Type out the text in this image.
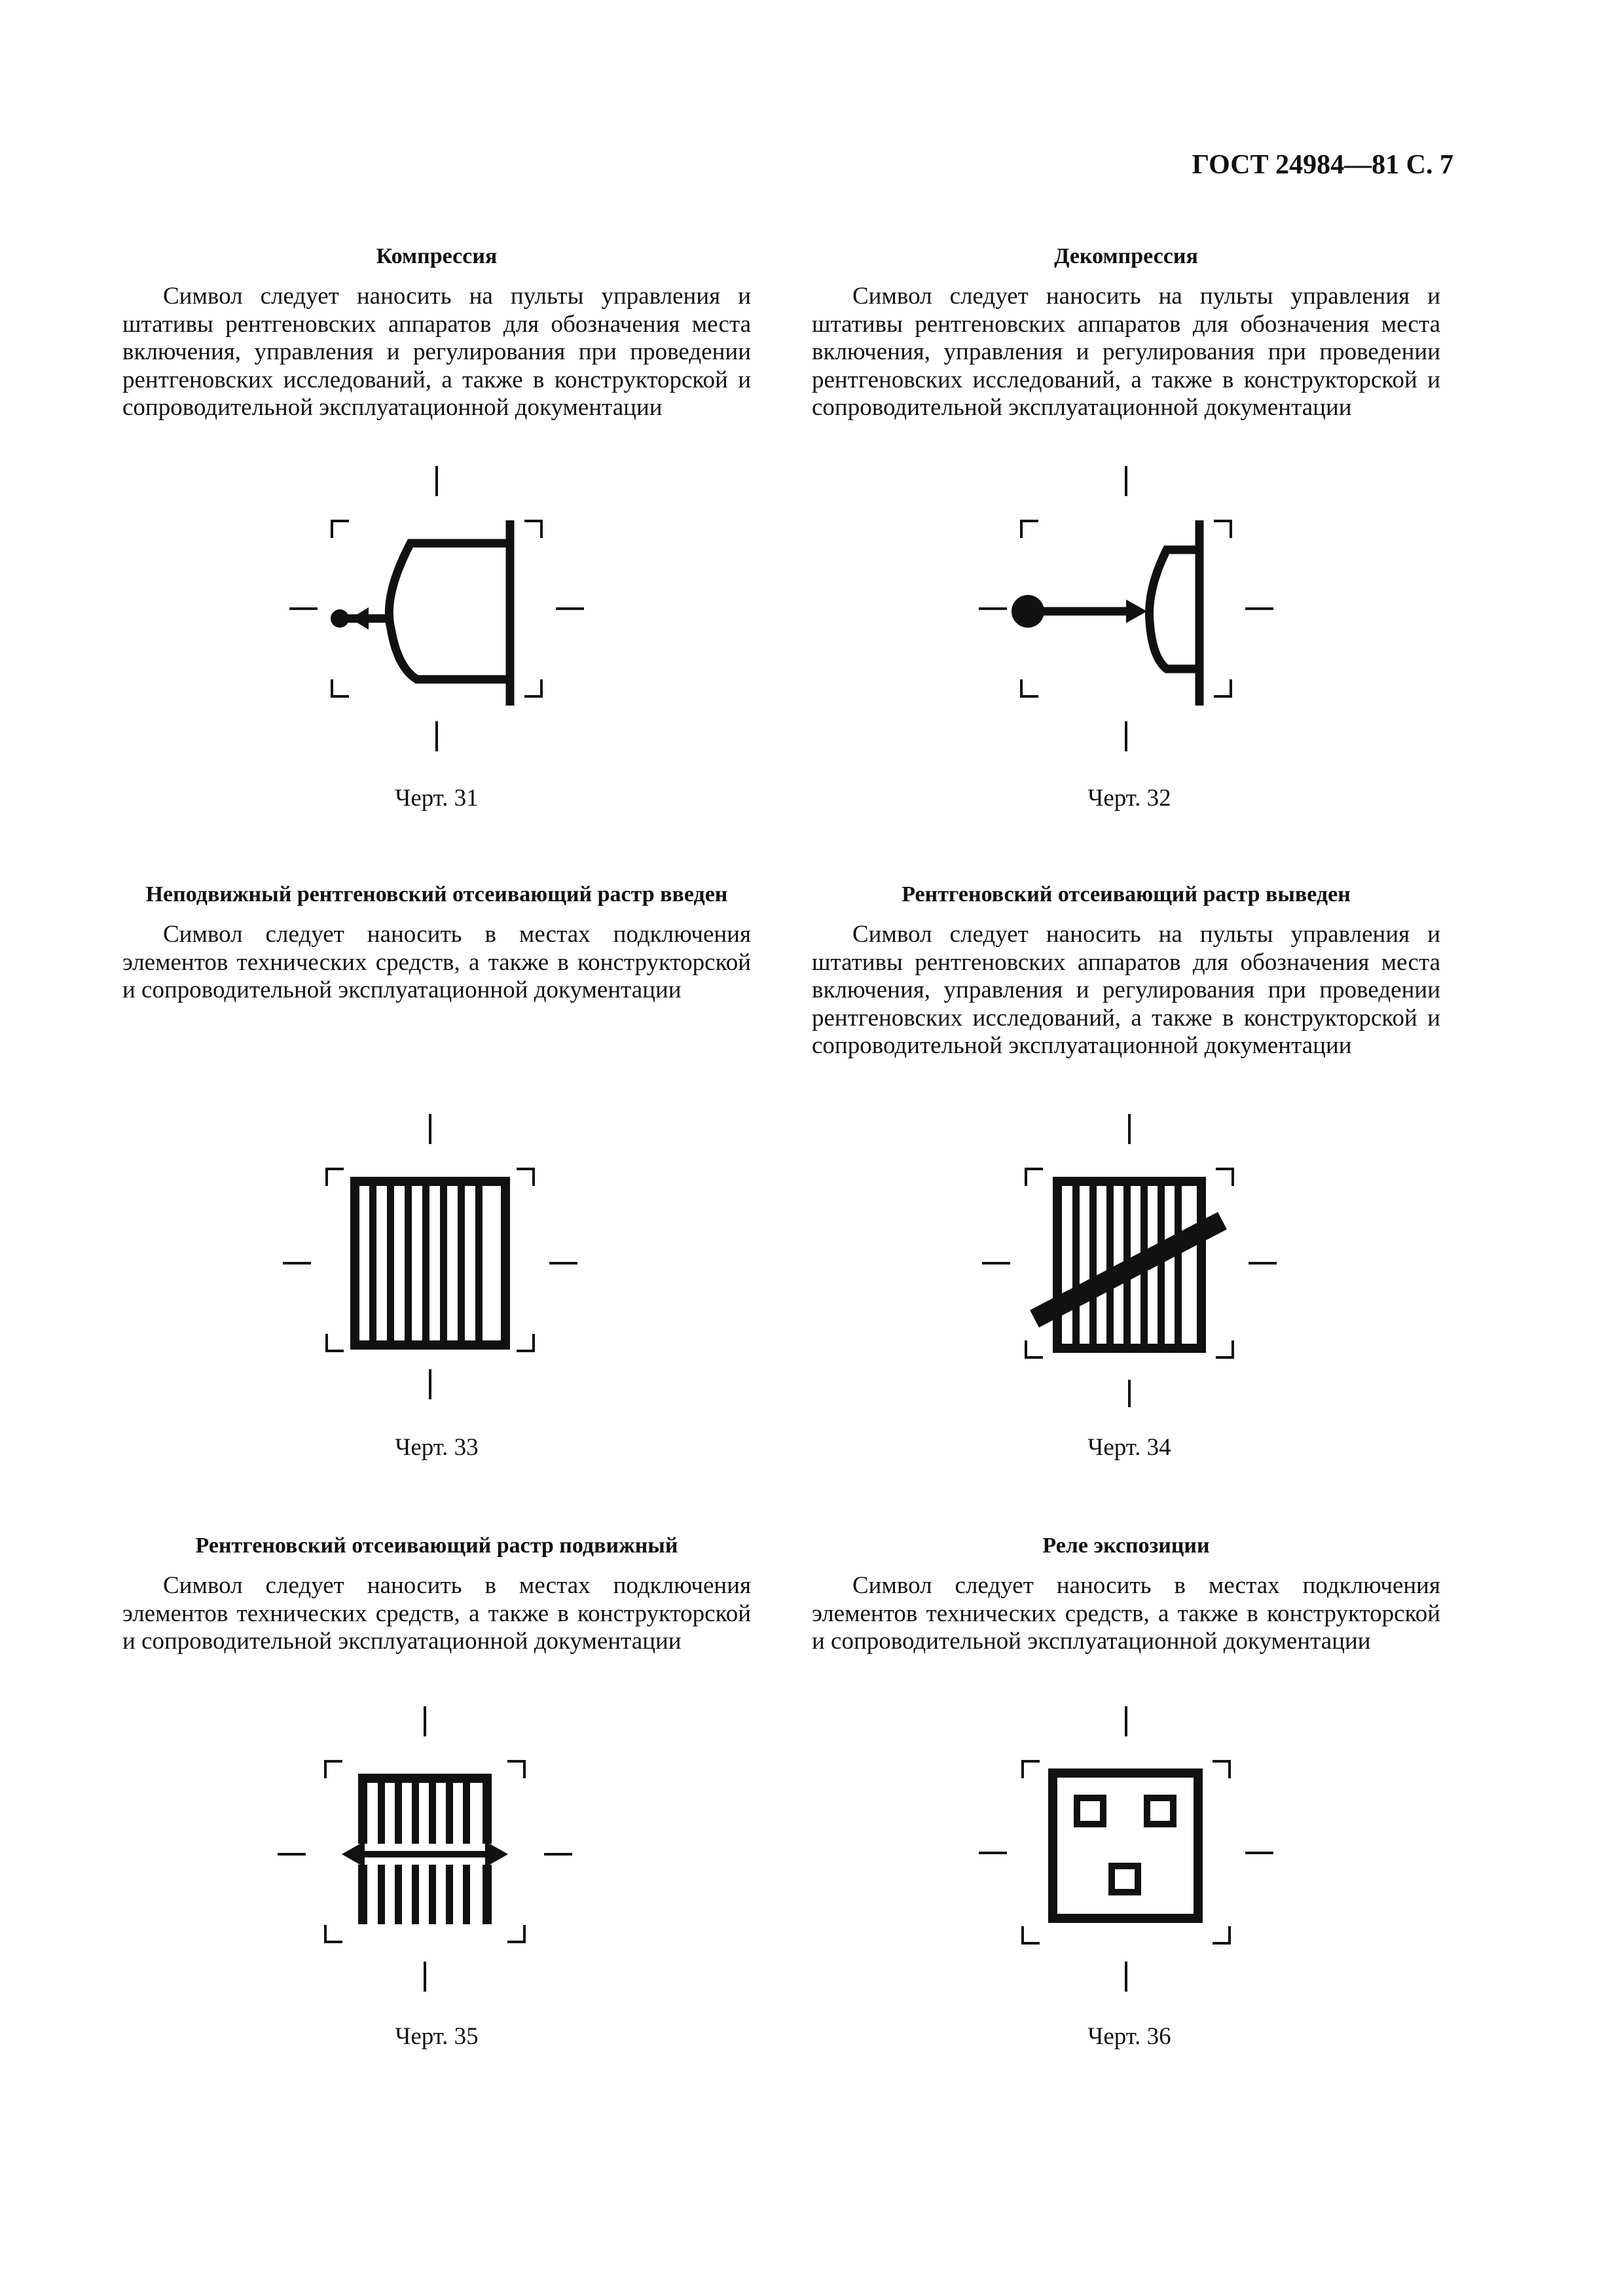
ГОСТ 24984—81 С. 7

Компрессия

Символ следует наносить на пульты управления и штативы рентгеновских аппаратов для обозначения места включения, управления и регулирования при проведении рентгеновских исследований, а также в конструкторской и сопроводительной эксплуатационной документации

Черт. 31

Неподвижный рентгеновский отсеивающий растр введен

Символ следует наносить в местах подключения элементов технических средств, а также в конструкторской и сопроводительной эксплуатационной документации

Черт. 33

Рентгеновский отсеивающий растр подвижный

Символ следует наносить в местах подключения элементов технических средств, а также в конструкторской и сопроводительной эксплуатационной документации

Черт. 35

Декомпрессия

Символ следует наносить на пульты управления и штативы рентгеновских аппаратов для обозначения места включения, управления и регулирования при проведении рентгеновских исследований, а также в конструкторской и сопроводительной эксплуатационной документации

Черт. 32

Рентгеновский отсеивающий растр выведен

Символ следует наносить на пульты управления и штативы рентгеновских аппаратов для обозначения места включения, управления и регулирования при проведении рентгеновских исследований, а также в конструкторской и сопроводительной эксплуатационной документации

Черт. 34

Реле экспозиции

Символ следует наносить в местах подключения элементов технических средств, а также в конструкторской и сопроводительной эксплуатационной документации

Черт. 36
